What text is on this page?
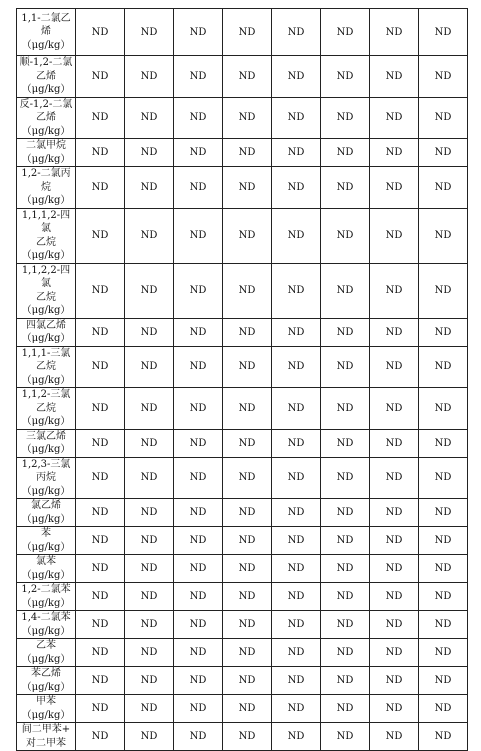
1,1-二氯乙
烯
（μg/kg）	ND	ND	ND	ND	ND	ND	ND	ND

顺-1,2-二氯
乙烯
（μg/kg）	ND	ND	ND	ND	ND	ND	ND	ND

反-1,2-二氯
乙烯
（μg/kg）	ND	ND	ND	ND	ND	ND	ND	ND

二氯甲烷
（μg/kg）	ND	ND	ND	ND	ND	ND	ND	ND

1,2-二氯丙
烷
（μg/kg）	ND	ND	ND	ND	ND	ND	ND	ND

1,1,1,2-四氯
乙烷
（μg/kg）	ND	ND	ND	ND	ND	ND	ND	ND

1,1,2,2-四氯
乙烷
（μg/kg）	ND	ND	ND	ND	ND	ND	ND	ND

四氯乙烯
（μg/kg）	ND	ND	ND	ND	ND	ND	ND	ND

1,1,1-三氯
乙烷
（μg/kg）	ND	ND	ND	ND	ND	ND	ND	ND

1,1,2-三氯
乙烷
（μg/kg）	ND	ND	ND	ND	ND	ND	ND	ND

三氯乙烯
（μg/kg）	ND	ND	ND	ND	ND	ND	ND	ND

1,2,3-三氯
丙烷
（μg/kg）	ND	ND	ND	ND	ND	ND	ND	ND

氯乙烯
（μg/kg）	ND	ND	ND	ND	ND	ND	ND	ND

苯
（μg/kg）	ND	ND	ND	ND	ND	ND	ND	ND

氯苯
（μg/kg）	ND	ND	ND	ND	ND	ND	ND	ND

1,2-二氯苯
（μg/kg）	ND	ND	ND	ND	ND	ND	ND	ND

1,4-二氯苯
（μg/kg）	ND	ND	ND	ND	ND	ND	ND	ND

乙苯
（μg/kg）	ND	ND	ND	ND	ND	ND	ND	ND

苯乙烯
（μg/kg）	ND	ND	ND	ND	ND	ND	ND	ND

甲苯
（μg/kg）	ND	ND	ND	ND	ND	ND	ND	ND

间二甲苯+
对二甲苯	ND	ND	ND	ND	ND	ND	ND	ND
